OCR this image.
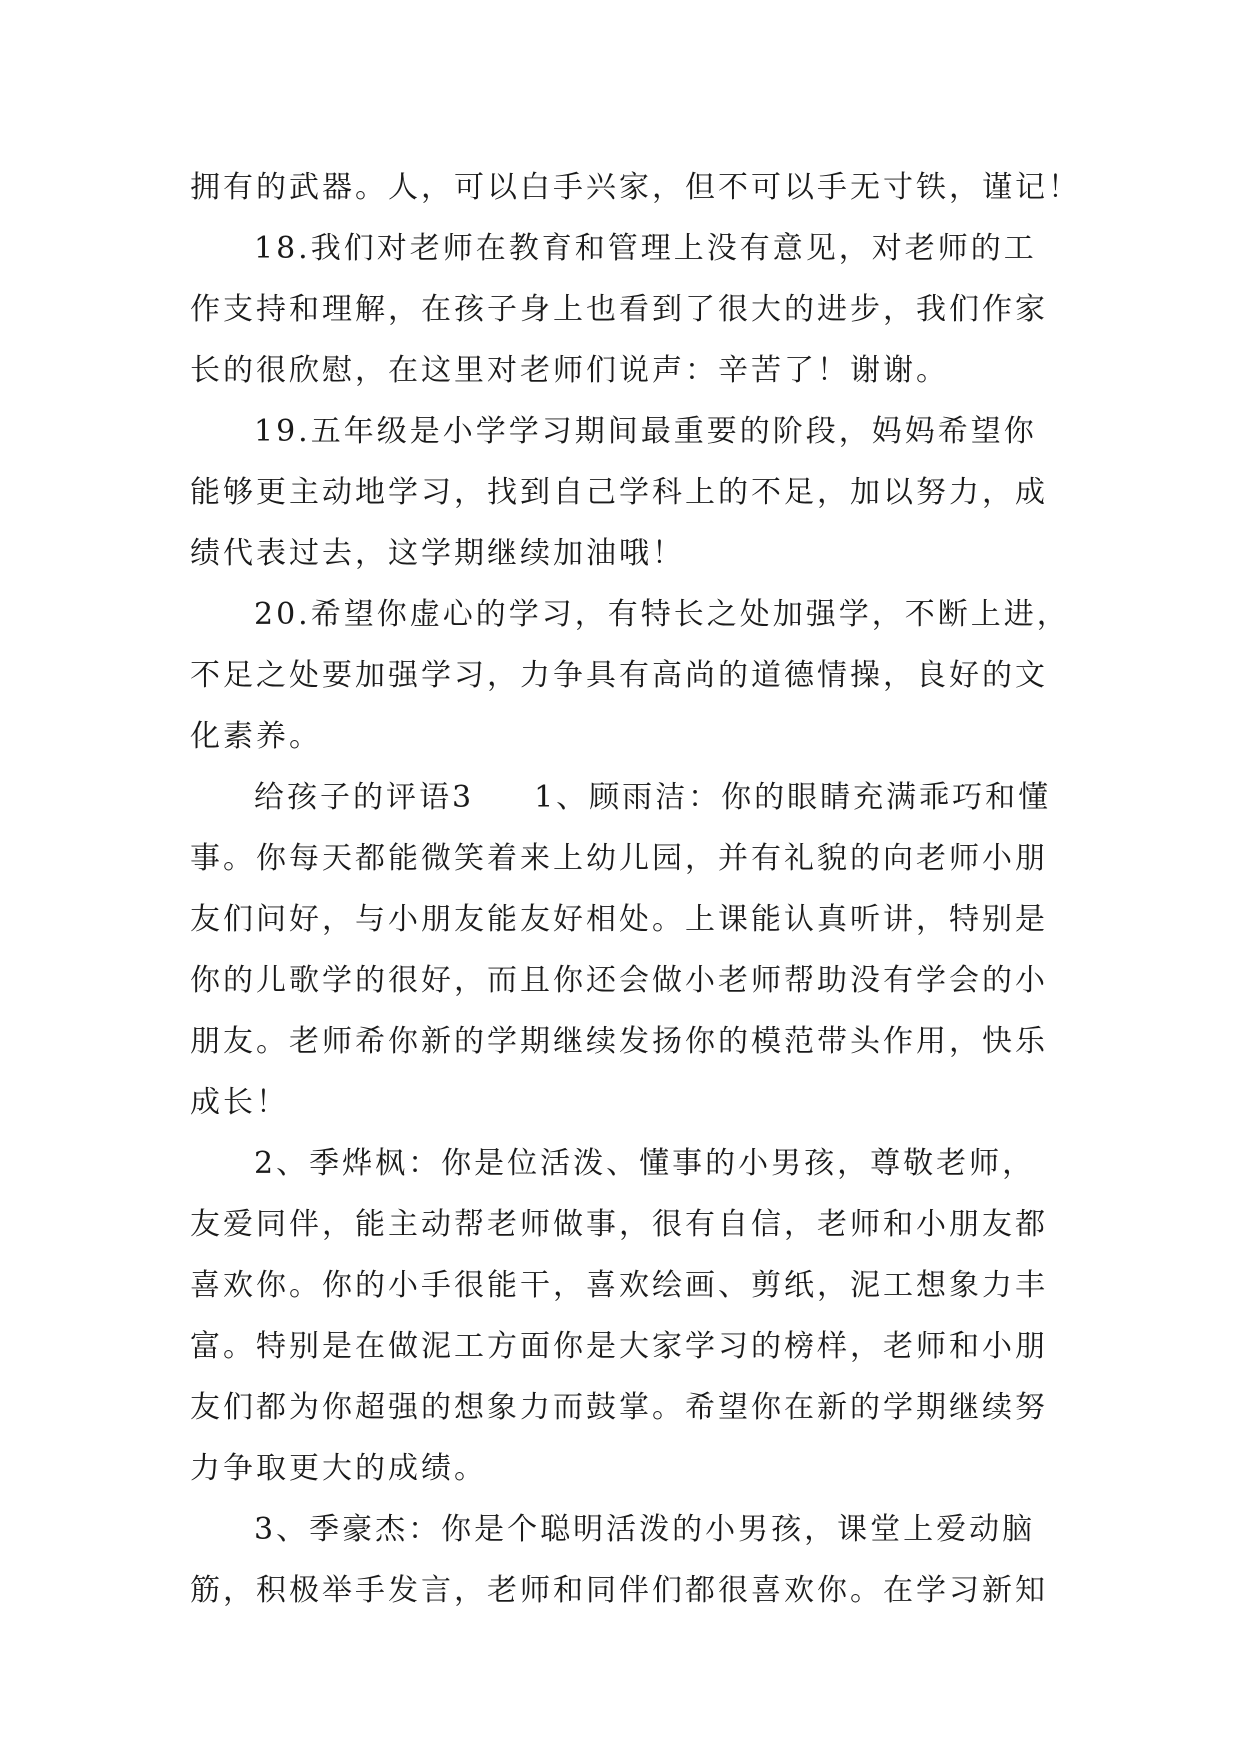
拥有的武器。人，可以白手兴家，但不可以手无寸铁，谨记！
18.我们对老师在教育和管理上没有意见，对老师的工
作支持和理解，在孩子身上也看到了很大的进步，我们作家
长的很欣慰，在这里对老师们说声：辛苦了！谢谢。
19.五年级是小学学习期间最重要的阶段，妈妈希望你
能够更主动地学习，找到自己学科上的不足，加以努力，成
绩代表过去，这学期继续加油哦！
20.希望你虚心的学习，有特长之处加强学，不断上进，
不足之处要加强学习，力争具有高尚的道德情操，良好的文
化素养。
给孩子的评语3 1、顾雨洁：你的眼睛充满乖巧和懂
事。你每天都能微笑着来上幼儿园，并有礼貌的向老师小朋
友们问好，与小朋友能友好相处。上课能认真听讲，特别是
你的儿歌学的很好，而且你还会做小老师帮助没有学会的小
朋友。老师希你新的学期继续发扬你的模范带头作用，快乐
成长！
2、季烨枫：你是位活泼、懂事的小男孩，尊敬老师，
友爱同伴，能主动帮老师做事，很有自信，老师和小朋友都
喜欢你。你的小手很能干，喜欢绘画、剪纸，泥工想象力丰
富。特别是在做泥工方面你是大家学习的榜样，老师和小朋
友们都为你超强的想象力而鼓掌。希望你在新的学期继续努
力争取更大的成绩。
3、季豪杰：你是个聪明活泼的小男孩，课堂上爱动脑
筋，积极举手发言，老师和同伴们都很喜欢你。在学习新知
